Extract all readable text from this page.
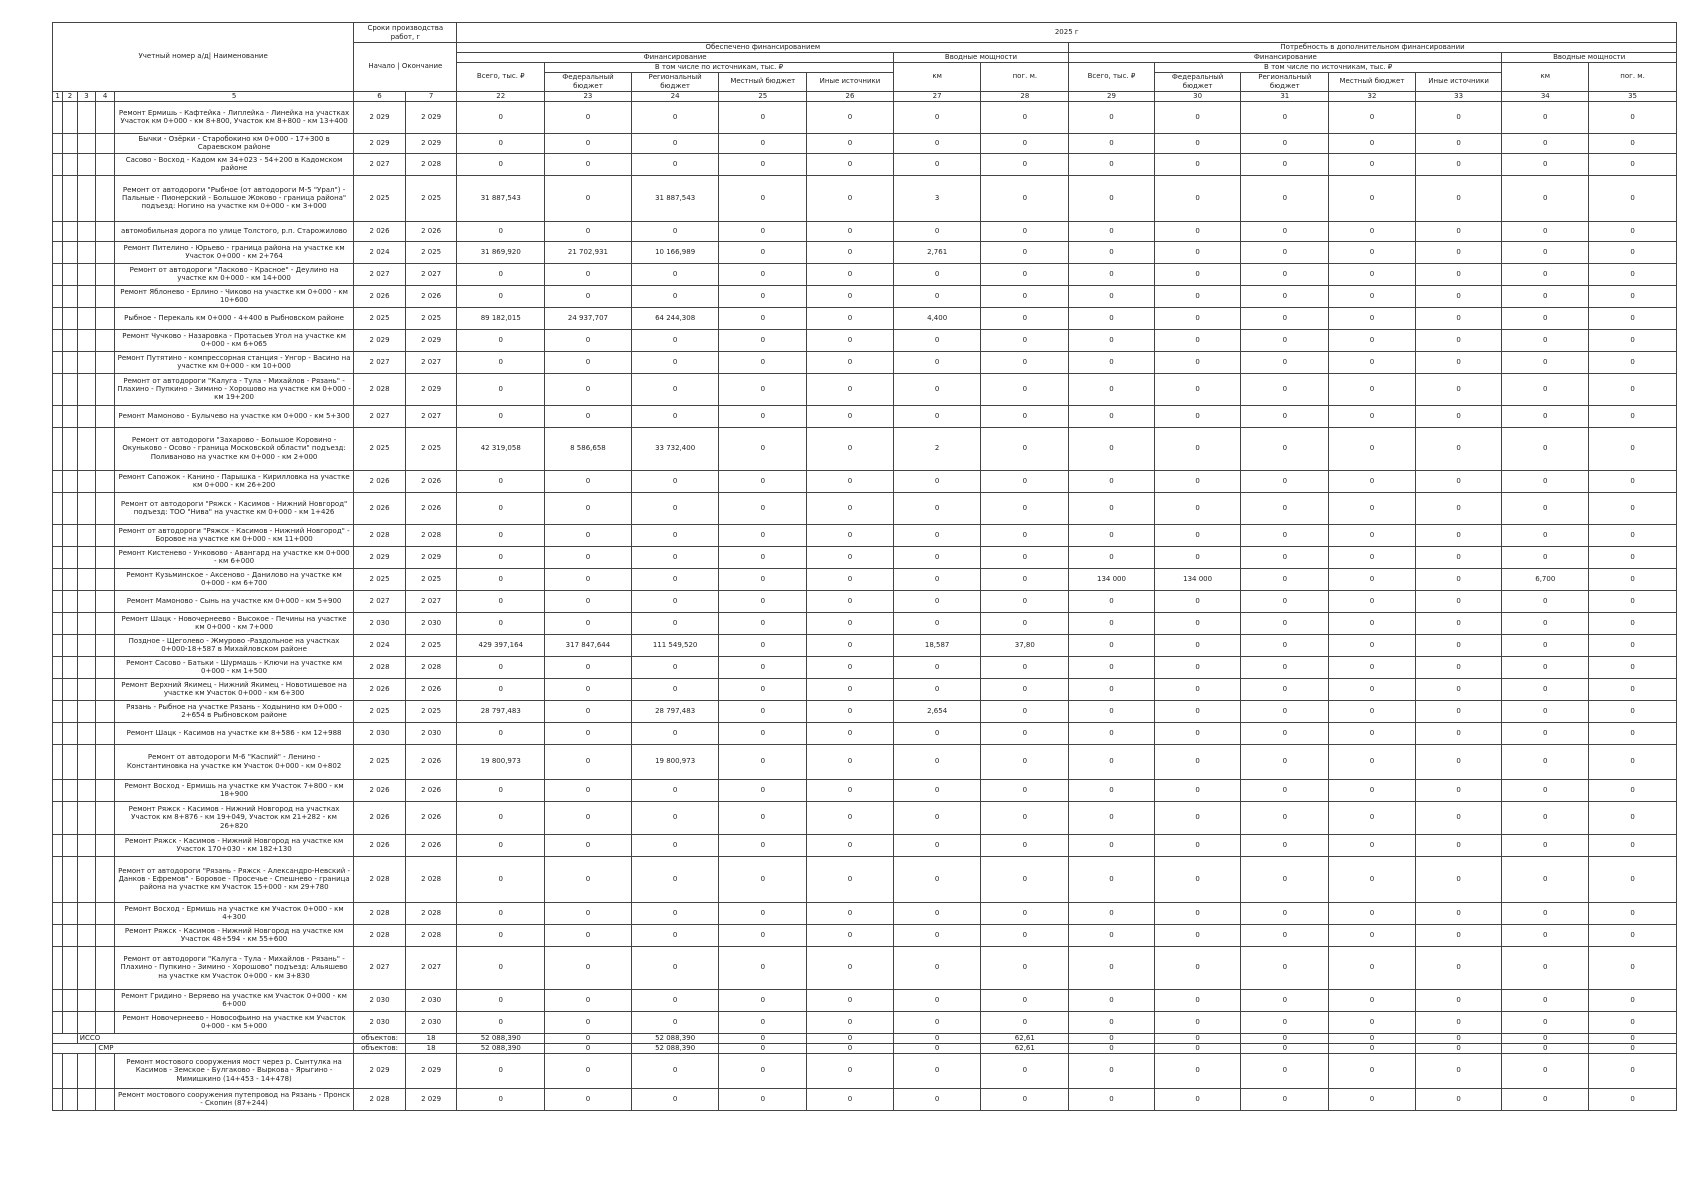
Учетный номер а/д| Наименование					Сроки производства работ, г		2025 г													
					Начало | Окончание		Обеспечено финансированием							Потребность в дополнительном финансировании						
							Финансирование					Вводные мощности		Финансирование					Вводные мощности	
							Всего, тыс. ₽	В том числе по источникам, тыс. ₽				км	пог. м.	Всего, тыс. ₽	В том числе по источникам, тыс. ₽				км	пог. м.
								Федеральный бюджет	Региональный бюджет	Местный бюджет	Иные источники				Федеральный бюджет	Региональный бюджет	Местный бюджет	Иные источники		
1	2	3	4	5	6	7	22	23	24	25	26	27	28	29	30	31	32	33	34	35
				Ремонт Ермишь - Кафтейка - Липлейка - Линейка на участках Участок км 0+000 - км 8+800, Участок км 8+800 - км 13+400	2 029	2 029	0	0	0	0	0	0	0	0	0	0	0	0	0	0
				Бычки - Озёрки - Старобокино км 0+000 - 17+300 в Сараевском районе	2 029	2 029	0	0	0	0	0	0	0	0	0	0	0	0	0	0
				Сасово - Восход - Кадом км 34+023 - 54+200 в Кадомском районе	2 027	2 028	0	0	0	0	0	0	0	0	0	0	0	0	0	0
				Ремонт от автодороги "Рыбное (от автодороги М-5 "Урал") - Пальные - Пионерский - Большое Жоково - граница района" подъезд: Ногино на участке км 0+000 - км 3+000	2 025	2 025	31 887,543	0	31 887,543	0	0	3	0	0	0	0	0	0	0	0
				автомобильная дорога по улице Толстого, р.п. Старожилово	2 026	2 026	0	0	0	0	0	0	0	0	0	0	0	0	0	0
				Ремонт Пителино - Юрьево - граница района на участке км Участок 0+000 - км 2+764	2 024	2 025	31 869,920	21 702,931	10 166,989	0	0	2,761	0	0	0	0	0	0	0	0
				Ремонт от автодороги "Ласково - Красное" - Деулино на участке км 0+000 - км 14+000	2 027	2 027	0	0	0	0	0	0	0	0	0	0	0	0	0	0
				Ремонт Яблонево - Ерлино - Чиково на участке км 0+000 - км 10+600	2 026	2 026	0	0	0	0	0	0	0	0	0	0	0	0	0	0
				Рыбное - Перекаль км 0+000 - 4+400 в Рыбновском районе	2 025	2 025	89 182,015	24 937,707	64 244,308	0	0	4,400	0	0	0	0	0	0	0	0
				Ремонт Чучково - Назаровка - Протасьев Угол на участке км 0+000 - км 6+065	2 029	2 029	0	0	0	0	0	0	0	0	0	0	0	0	0	0
				Ремонт Путятино - компрессорная станция - Унгор - Васино на участке км 0+000 - км 10+000	2 027	2 027	0	0	0	0	0	0	0	0	0	0	0	0	0	0
				Ремонт от автодороги "Калуга - Тула - Михайлов - Рязань" - Плахино - Пупкино - Зимино - Хорошово на участке км 0+000 - км 19+200	2 028	2 029	0	0	0	0	0	0	0	0	0	0	0	0	0	0
				Ремонт Мамоново - Булычево на участке км 0+000 - км 5+300	2 027	2 027	0	0	0	0	0	0	0	0	0	0	0	0	0	0
				Ремонт от автодороги "Захарово - Большое Коровино - Окуньково - Осово - граница Московской области" подъезд: Поливаново на участке км 0+000 - км 2+000	2 025	2 025	42 319,058	8 586,658	33 732,400	0	0	2	0	0	0	0	0	0	0	0
				Ремонт Сапожок - Канино - Парышка - Кирилловка на участке км 0+000 - км 26+200	2 026	2 026	0	0	0	0	0	0	0	0	0	0	0	0	0	0
				Ремонт от автодороги "Ряжск - Касимов - Нижний Новгород" подъезд: ТОО "Нива" на участке км 0+000 - км 1+426	2 026	2 026	0	0	0	0	0	0	0	0	0	0	0	0	0	0
				Ремонт от автодороги "Ряжск - Касимов - Нижний Новгород" - Боровое на участке км 0+000 - км 11+000	2 028	2 028	0	0	0	0	0	0	0	0	0	0	0	0	0	0
				Ремонт Кистенево - Унковово - Авангард на участке км 0+000 - км 6+000	2 029	2 029	0	0	0	0	0	0	0	0	0	0	0	0	0	0
				Ремонт Кузьминское - Аксеново - Данилово на участке км 0+000 - км 6+700	2 025	2 025	0	0	0	0	0	0	0	134 000	134 000	0	0	0	6,700	0
				Ремонт Мамоново - Сынь на участке км 0+000 - км 5+900	2 027	2 027	0	0	0	0	0	0	0	0	0	0	0	0	0	0
				Ремонт Шацк - Новочернеево - Высокое - Печины на участке км 0+000 - км 7+000	2 030	2 030	0	0	0	0	0	0	0	0	0	0	0	0	0	0
				Поздное - Щеголево - Жмурово -Раздольное на участках 0+000-18+587 в Михайловском районе	2 024	2 025	429 397,164	317 847,644	111 549,520	0	0	18,587	37,80	0	0	0	0	0	0	0
				Ремонт Сасово - Батьки - Шурмашь - Ключи на участке км 0+000 - км 1+500	2 028	2 028	0	0	0	0	0	0	0	0	0	0	0	0	0	0
				Ремонт Верхний Якимец - Нижний Якимец - Новотишевое на участке км Участок 0+000 - км 6+300	2 026	2 026	0	0	0	0	0	0	0	0	0	0	0	0	0	0
				Рязань - Рыбное на участке Рязань - Ходынино км 0+000 - 2+654 в Рыбновском районе	2 025	2 025	28 797,483	0	28 797,483	0	0	2,654	0	0	0	0	0	0	0	0
				Ремонт Шацк - Касимов на участке км 8+586 - км 12+988	2 030	2 030	0	0	0	0	0	0	0	0	0	0	0	0	0	0
				Ремонт от автодороги М-6 "Каспий" - Ленино - Константиновка на участке км Участок 0+000 - км 0+802	2 025	2 026	19 800,973	0	19 800,973	0	0	0	0	0	0	0	0	0	0	0
				Ремонт Восход - Ермишь на участке км Участок 7+800 - км 18+900	2 026	2 026	0	0	0	0	0	0	0	0	0	0	0	0	0	0
				Ремонт Ряжск - Касимов - Нижний Новгород на участках Участок км 8+876 - км 19+049, Участок км 21+282 - км 26+820	2 026	2 026	0	0	0	0	0	0	0	0	0	0	0	0	0	0
				Ремонт Ряжск - Касимов - Нижний Новгород на участке км Участок 170+030 - км 182+130	2 026	2 026	0	0	0	0	0	0	0	0	0	0	0	0	0	0
				Ремонт от автодороги "Рязань - Ряжск - Александро-Невский - Данков - Ефремов" - Боровое - Просечье - Спешнево - граница района на участке км Участок 15+000 - км 29+780	2 028	2 028	0	0	0	0	0	0	0	0	0	0	0	0	0	0
				Ремонт Восход - Ермишь на участке км Участок 0+000 - км 4+300	2 028	2 028	0	0	0	0	0	0	0	0	0	0	0	0	0	0
				Ремонт Ряжск - Касимов - Нижний Новгород на участке км Участок 48+594 - км 55+600	2 028	2 028	0	0	0	0	0	0	0	0	0	0	0	0	0	0
				Ремонт от автодороги "Калуга - Тула - Михайлов - Рязань" - Плахино - Пупкино - Зимино - Хорошово" подъезд: Альяшево на участке км Участок 0+000 - км 3+830	2 027	2 027	0	0	0	0	0	0	0	0	0	0	0	0	0	0
				Ремонт Гридино - Веряево на участке км Участок 0+000 - км 6+000	2 030	2 030	0	0	0	0	0	0	0	0	0	0	0	0	0	0
				Ремонт Новочернеево - Новософьино на участке км Участок 0+000 - км 5+000	2 030	2 030	0	0	0	0	0	0	0	0	0	0	0	0	0	0
		ИССО			объектов:	18	52 088,390	0	52 088,390	0	0	0	62,61	0	0	0	0	0	0	0
			СМР		объектов:	18	52 088,390	0	52 088,390	0	0	0	62,61	0	0	0	0	0	0	0
				Ремонт мостового сооружения мост через р. Сынтулка на Касимов - Земское - Булгаково - Выркова - Ярыгино - Мимишкино (14+453 - 14+478)	2 029	2 029	0	0	0	0	0	0	0	0	0	0	0	0	0	0
				Ремонт мостового сооружения путепровод на Рязань - Пронск - Скопин (87+244)	2 028	2 029	0	0	0	0	0	0	0	0	0	0	0	0	0	0
